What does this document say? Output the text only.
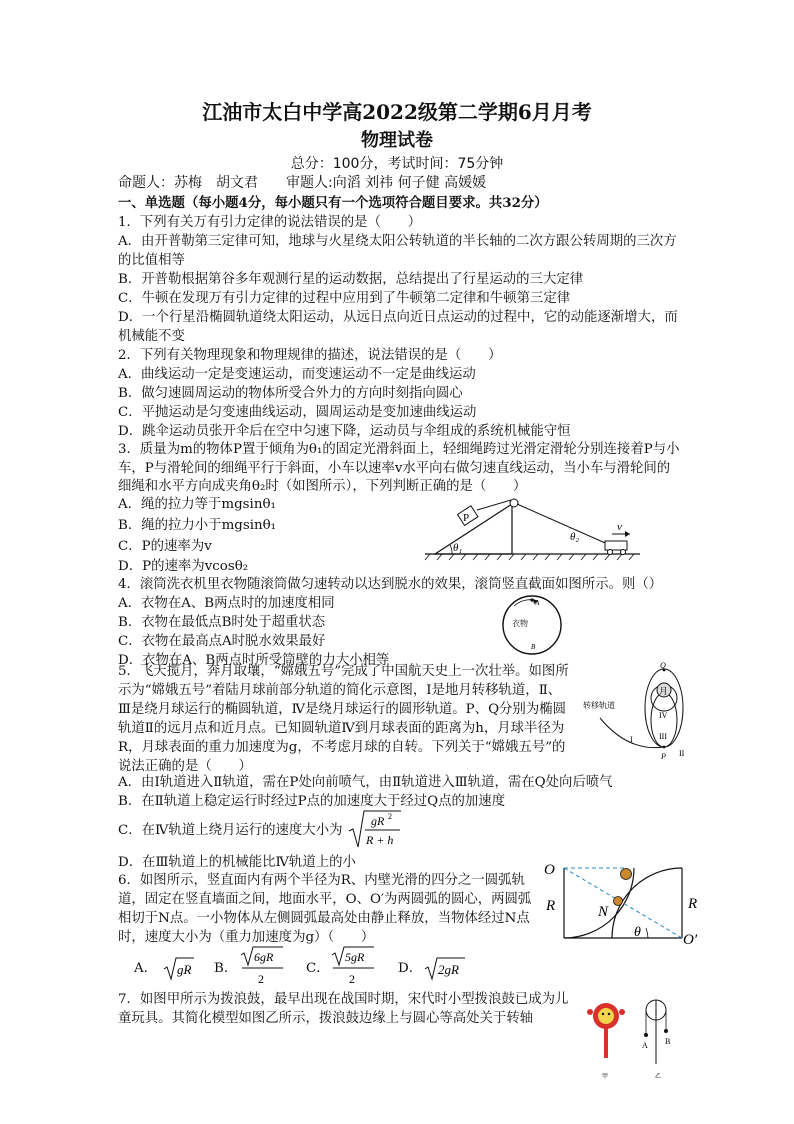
江油市太白中学高2022级第二学期6月月考
物理试卷
总分：100分，考试时间：75分钟
命题人：苏梅　胡文君　　审题人:向滔 刘祎 何子健 高媛媛
一、单选题（每小题4分，每小题只有一个选项符合题目要求。共32分）
1．下列有关万有引力定律的说法错误的是（　　）
A．由开普勒第三定律可知，地球与火星绕太阳公转轨道的半长轴的二次方跟公转周期的三次方的比值相等
B．开普勒根据第谷多年观测行星的运动数据，总结提出了行星运动的三大定律
C．牛顿在发现万有引力定律的过程中应用到了牛顿第二定律和牛顿第三定律
D．一个行星沿椭圆轨道绕太阳运动，从远日点向近日点运动的过程中，它的动能逐渐增大，而机械能不变
2．下列有关物理现象和物理规律的描述，说法错误的是（　　）
A．曲线运动一定是变速运动，而变速运动不一定是曲线运动
B．做匀速圆周运动的物体所受合外力的方向时刻指向圆心
C．平抛运动是匀变速曲线运动，圆周运动是变加速曲线运动
D．跳伞运动员张开伞后在空中匀速下降，运动员与伞组成的系统机械能守恒
3．质量为m的物体P置于倾角为θ₁的固定光滑斜面上，轻细绳跨过光滑定滑轮分别连接着P与小车，P与滑轮间的细绳平行于斜面，小车以速率v水平向右做匀速直线运动，当小车与滑轮间的细绳和水平方向成夹角θ₂时（如图所示），下列判断正确的是（　　）
A．绳的拉力等于mgsinθ₁
B．绳的拉力小于mgsinθ₁
C．P的速率为v
D．P的速率为vcosθ₂
P
θ₁
θ₂
v
4．滚筒洗衣机里衣物随滚筒做匀速转动以达到脱水的效果，滚筒竖直截面如图所示。则（）
A．衣物在A、B两点时的加速度相同
B．衣物在最低点B时处于超重状态
C．衣物在最高点A时脱水效果最好
D．衣物在A、B两点时所受筒壁的力大小相等
A
衣物
B
5．飞天揽月，奔月取壤，“嫦娥五号”完成了中国航天史上一次壮举。如图所示为“嫦娥五号”着陆月球前部分轨道的简化示意图，Ⅰ是地月转移轨道，Ⅱ、Ⅲ是绕月球运行的椭圆轨道，Ⅳ是绕月球运行的圆形轨道。P、Q分别为椭圆轨道Ⅱ的远月点和近月点。已知圆轨道Ⅳ到月球表面的距离为h，月球半径为R，月球表面的重力加速度为g，不考虑月球的自转。下列关于“嫦娥五号”的说法正确的是（　　）
A．由Ⅰ轨道进入Ⅱ轨道，需在P处向前喷气，由Ⅱ轨道进入Ⅲ轨道，需在Q处向后喷气
B．在Ⅱ轨道上稳定运行时经过P点的加速度大于经过Q点的加速度
C．在Ⅳ轨道上绕月运行的速度大小为
gR 2
R + h
D．在Ⅲ轨道上的机械能比Ⅳ轨道上的小
月
Q
P
转移轨道
I
II
III
IV
6．如图所示，竖直面内有两个半径为R、内壁光滑的四分之一圆弧轨道，固定在竖直墙面之间，地面水平，O、O′为两圆弧的圆心，两圆弧相切于N点。一小物体从左侧圆弧最高处由静止释放，当物体经过N点时，速度大小为（重力加速度为g）（　　）
A． gR B．
6gR
2
C．
5gR
2
D． 2gR
O
R	R
N
θ	O′
7．如图甲所示为拨浪鼓，最早出现在战国时期，宋代时小型拨浪鼓已成为儿童玩具。其简化模型如图乙所示，拨浪鼓边缘上与圆心等高处关于转轴
A B
甲	乙
